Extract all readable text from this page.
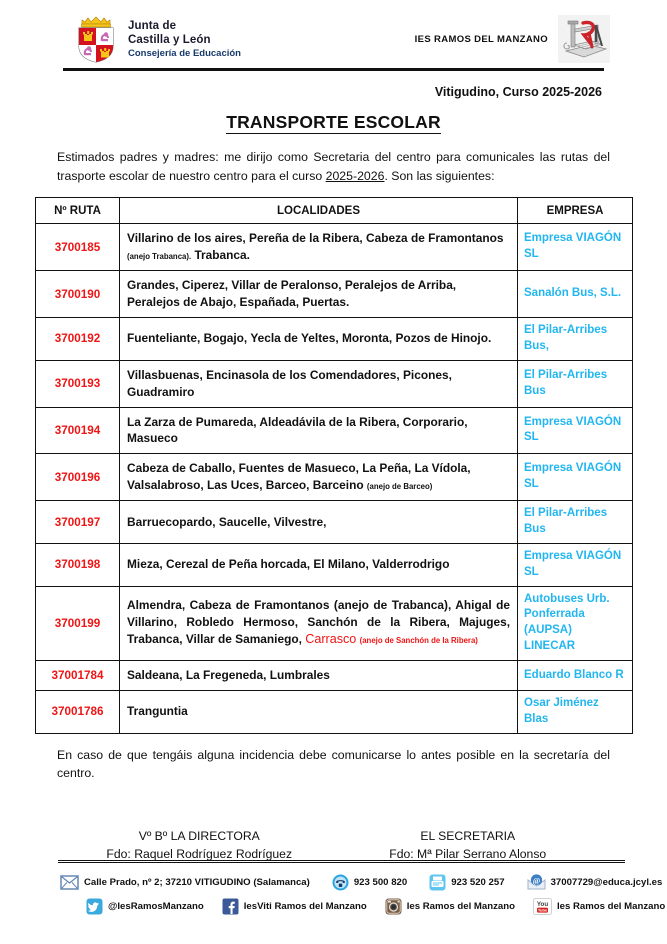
Junta de
Castilla y León
Consejería de Educación
IES RAMOS DEL MANZANO
Vitigudino, Curso 2025-2026
TRANSPORTE ESCOLAR
Estimados padres y madres: me dirijo como Secretaria del centro para comunicales las rutas del trasporte escolar de nuestro centro para el curso 2025-2026. Son las siguientes:
Nº RUTA	LOCALIDADES	EMPRESA
3700185	Villarino de los aires, Pereña de la Ribera, Cabeza de Framontanos (anejo Trabanca). Trabanca.	Empresa VIAGÓN SL
3700190	Grandes, Ciperez, Villar de Peralonso, Peralejos de Arriba, Peralejos de Abajo, Españada, Puertas.	Sanalón Bus, S.L.
3700192	Fuenteliante, Bogajo, Yecla de Yeltes, Moronta, Pozos de Hinojo.	El Pilar-Arribes Bus,
3700193	Villasbuenas, Encinasola de los Comendadores, Picones, Guadramiro	El Pilar-Arribes Bus
3700194	La Zarza de Pumareda, Aldeadávila de la Ribera, Corporario, Masueco	Empresa VIAGÓN SL
3700196	Cabeza de Caballo, Fuentes de Masueco, La Peña, La Vídola, Valsalabroso, Las Uces, Barceo, Barceino (anejo de Barceo)	Empresa VIAGÓN SL
3700197	Barruecopardo, Saucelle, Vilvestre,	El Pilar-Arribes Bus
3700198	Mieza, Cerezal de Peña horcada, El Milano, Valderrodrigo	Empresa VIAGÓN SL
3700199	Almendra, Cabeza de Framontanos (anejo de Trabanca), Ahigal de Villarino, Robledo Hermoso, Sanchón de la Ribera, Majuges, Trabanca, Villar de Samaniego, Carrasco (anejo de Sanchón de la Ribera)	Autobuses Urb. Ponferrada (AUPSA) LINECAR
37001784	Saldeana, La Fregeneda, Lumbrales	Eduardo Blanco R
37001786	Tranguntia	Osar Jiménez Blas
En caso de que tengáis alguna incidencia debe comunicarse lo antes posible en la secretaría del centro.
Vº Bº LA DIRECTORA
Fdo: Raquel Rodríguez Rodríguez
EL SECRETARIA
Fdo: Mª Pilar Serrano Alonso
Calle Prado, nº 2; 37210 VITIGUDINO (Salamanca)	923 500 820	923 520 257	@ 37007729@educa.jcyl.es
@IesRamosManzano	IesViti Ramos del Manzano	Ies Ramos del Manzano	You
Tube Ies Ramos del Manzano
